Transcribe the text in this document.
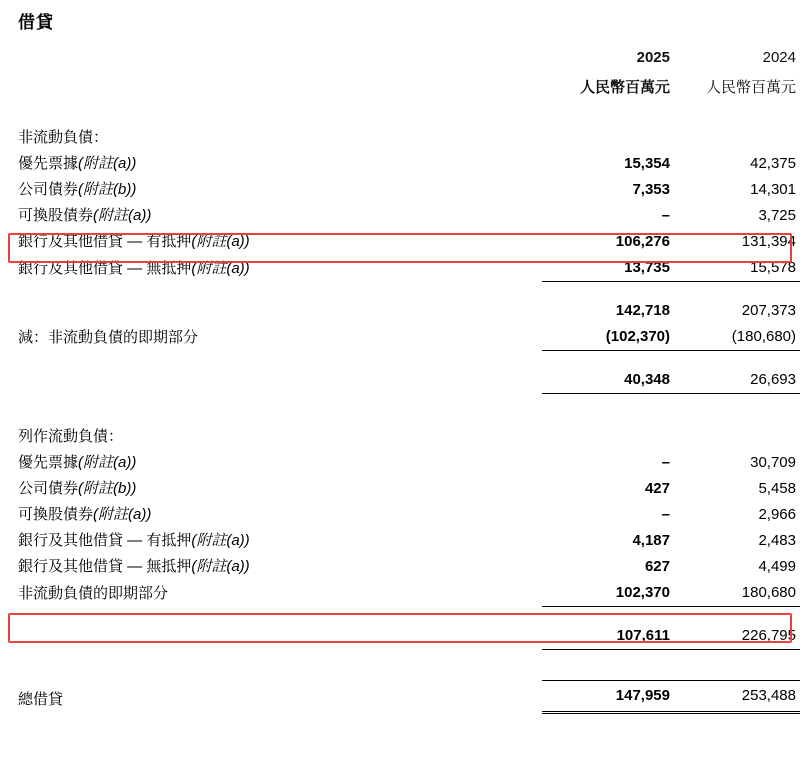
借貸
	2025	2024
	人民幣百萬元	人民幣百萬元

非流動負債：		
優先票據(附註(a))	15,354	42,375
公司債券(附註(b))	7,353	14,301
可換股債券(附註(a))	–	3,725
銀行及其他借貸 — 有抵押(附註(a))	106,276	131,394
銀行及其他借貸 — 無抵押(附註(a))	13,735	15,578

	142,718	207,373
減：非流動負債的即期部分	(102,370)	(180,680)

	40,348	26,693

列作流動負債：		
優先票據(附註(a))	–	30,709
公司債券(附註(b))	427	5,458
可換股債券(附註(a))	–	2,966
銀行及其他借貸 — 有抵押(附註(a))	4,187	2,483
銀行及其他借貸 — 無抵押(附註(a))	627	4,499
非流動負債的即期部分	102,370	180,680

	107,611	226,795

總借貸	147,959	253,488
